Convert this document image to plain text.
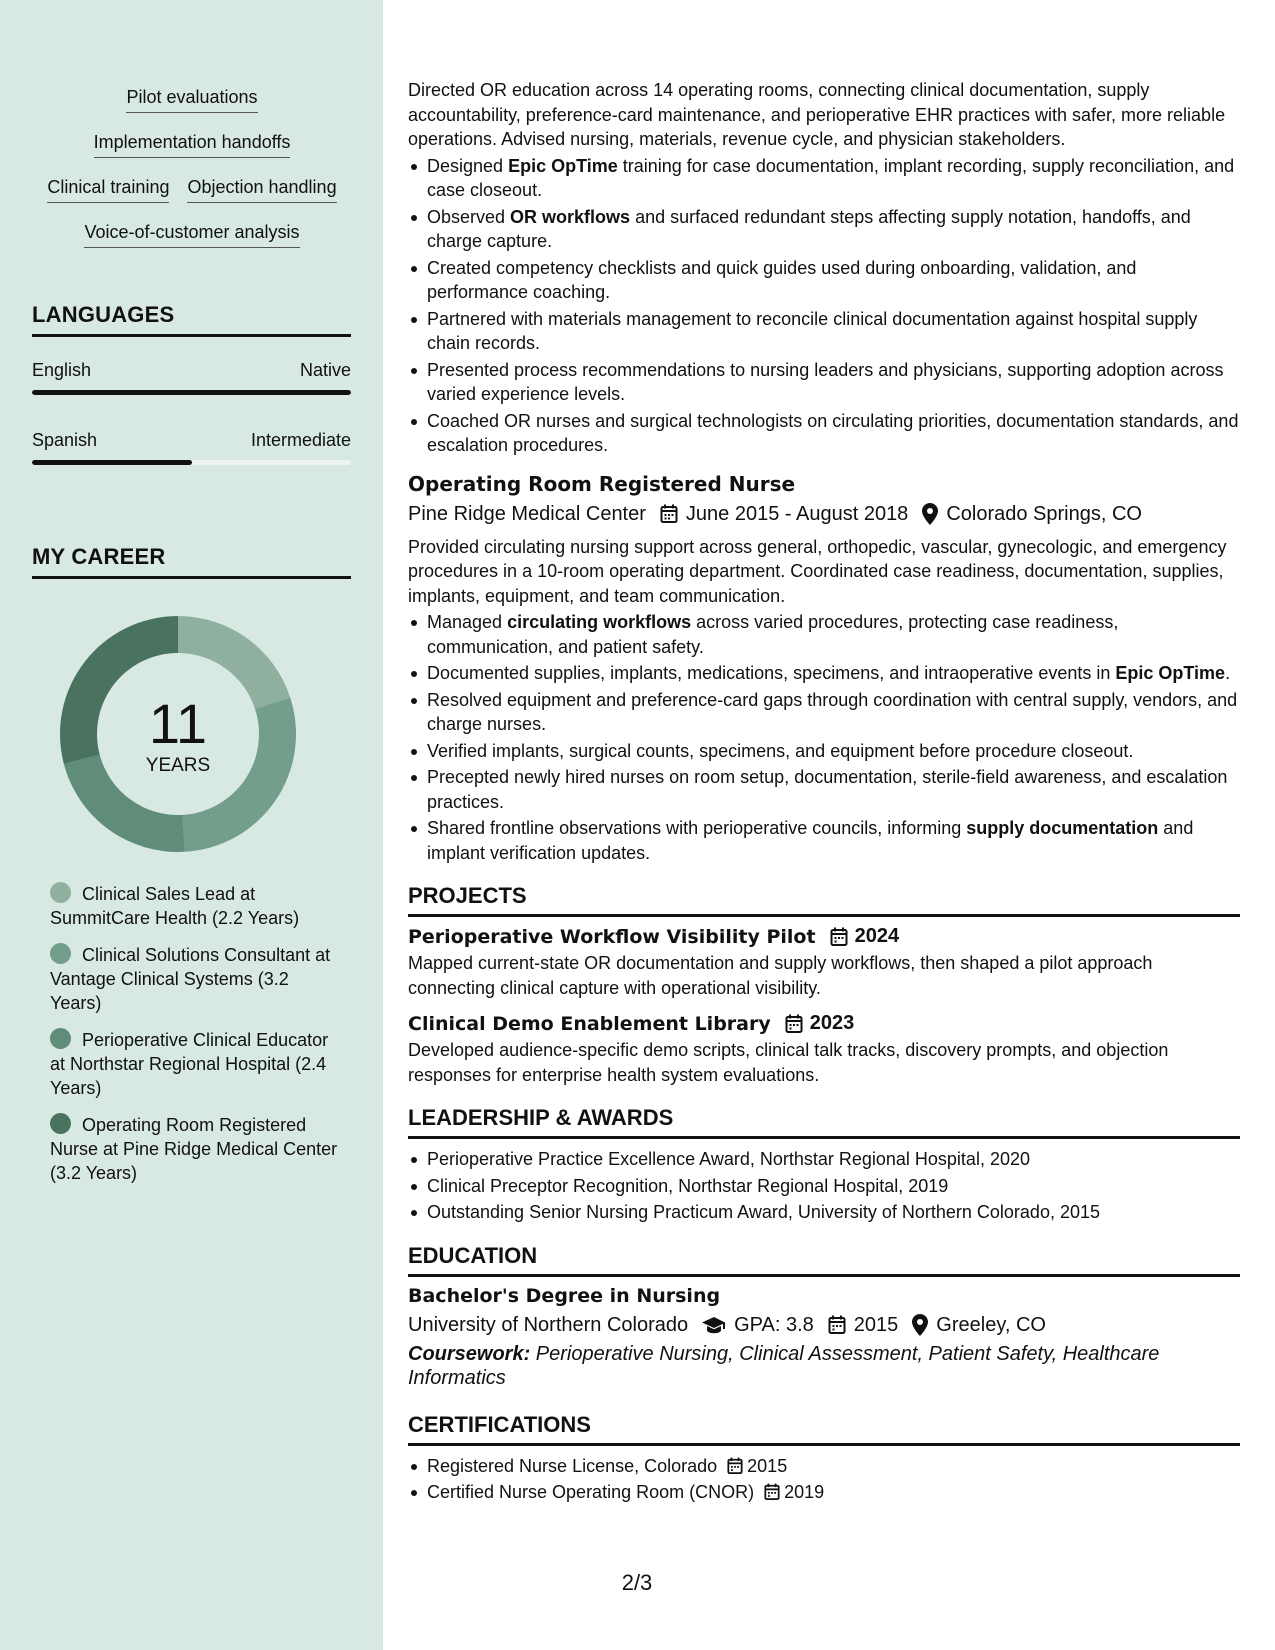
Pilot evaluations
Implementation handoffs
Clinical training Objection handling
Voice-of-customer analysis
LANGUAGES
English	Native
Spanish	Intermediate
MY CAREER
11
YEARS
Clinical Sales Lead at SummitCare Health (2.2 Years)
Clinical Solutions Consultant at Vantage Clinical Systems (3.2 Years)
Perioperative Clinical Educator at Northstar Regional Hospital (2.4 Years)
Operating Room Registered Nurse at Pine Ridge Medical Center (3.2 Years)

Directed OR education across 14 operating rooms, connecting clinical documentation, supply accountability, preference-card maintenance, and perioperative EHR practices with safer, more reliable operations. Advised nursing, materials, revenue cycle, and physician stakeholders.

Designed Epic OpTime training for case documentation, implant recording, supply reconciliation, and case closeout.
Observed OR workflows and surfaced redundant steps affecting supply notation, handoffs, and charge capture.
Created competency checklists and quick guides used during onboarding, validation, and performance coaching.
Partnered with materials management to reconcile clinical documentation against hospital supply chain records.
Presented process recommendations to nursing leaders and physicians, supporting adoption across varied experience levels.
Coached OR nurses and surgical technologists on circulating priorities, documentation standards, and escalation procedures.
Operating Room Registered Nurse
Pine Ridge Medical Center June 2015 - August 2018 Colorado Springs, CO

Provided circulating nursing support across general, orthopedic, vascular, gynecologic, and emergency procedures in a 10-room operating department. Coordinated case readiness, documentation, supplies, implants, equipment, and team communication.

Managed circulating workflows across varied procedures, protecting case readiness, communication, and patient safety.
Documented supplies, implants, medications, specimens, and intraoperative events in Epic OpTime.
Resolved equipment and preference-card gaps through coordination with central supply, vendors, and charge nurses.
Verified implants, surgical counts, specimens, and equipment before procedure closeout.
Precepted newly hired nurses on room setup, documentation, sterile-field awareness, and escalation practices.
Shared frontline observations with perioperative councils, informing supply documentation and implant verification updates.
PROJECTS
Perioperative Workflow Visibility Pilot 2024

Mapped current-state OR documentation and supply workflows, then shaped a pilot approach connecting clinical capture with operational visibility.

Clinical Demo Enablement Library 2023

Developed audience-specific demo scripts, clinical talk tracks, discovery prompts, and objection responses for enterprise health system evaluations.

LEADERSHIP & AWARDS
Perioperative Practice Excellence Award, Northstar Regional Hospital, 2020
Clinical Preceptor Recognition, Northstar Regional Hospital, 2019
Outstanding Senior Nursing Practicum Award, University of Northern Colorado, 2015
EDUCATION
Bachelor's Degree in Nursing
University of Northern Colorado GPA: 3.8 2015 Greeley, CO

Coursework: Perioperative Nursing, Clinical Assessment, Patient Safety, Healthcare Informatics

CERTIFICATIONS
Registered Nurse License, Colorado 2015
Certified Nurse Operating Room (CNOR) 2019
2/3
